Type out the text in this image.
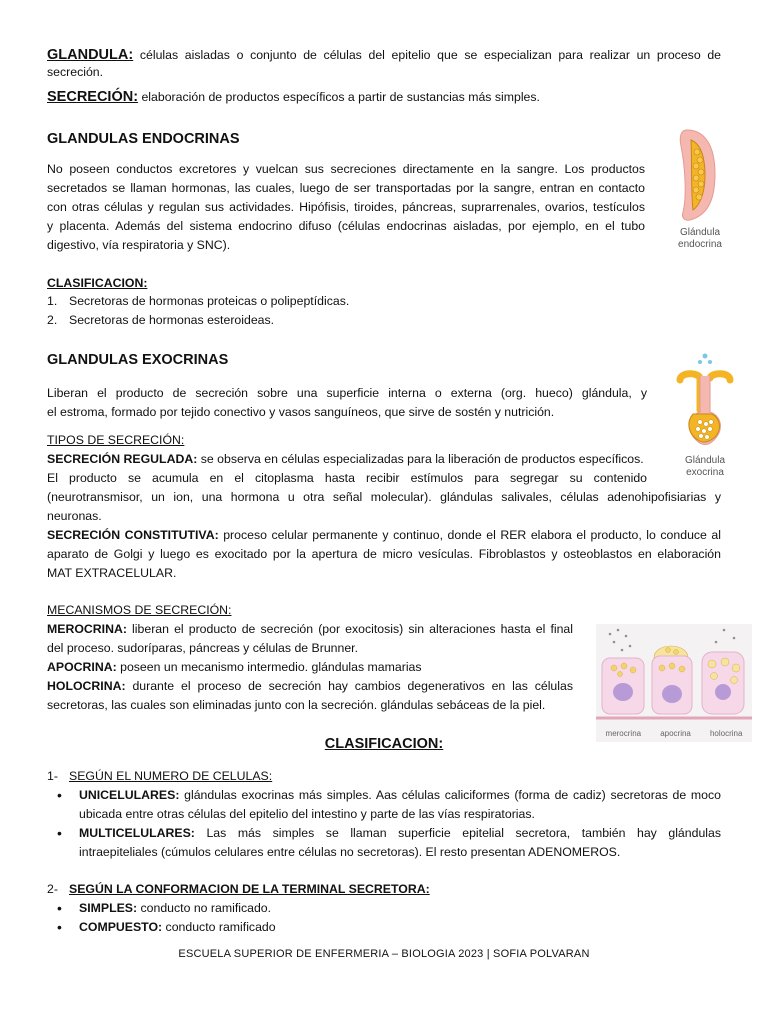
GLANDULA: células aisladas o conjunto de células del epitelio que se especializan para realizar un proceso de
secreción.
SECRECIÓN: elaboración de productos específicos a partir de sustancias más simples.
GLANDULAS ENDOCRINAS
No poseen conductos excretores y vuelcan sus secreciones directamente en la sangre. Los productos
secretados se llaman hormonas, las cuales, luego de ser transportadas por la sangre, entran en contacto
con otras células y regulan sus actividades. Hipófisis, tiroides, páncreas, suprarrenales, ovarios, testículos
y placenta. Además del sistema endocrino difuso (células endocrinas aisladas, por ejemplo, en el tubo
digestivo, vía respiratoria y SNC).
CLASIFICACION:
1. Secretoras de hormonas proteicas o polipeptídicas.
2. Secretoras de hormonas esteroideas.
Glándula
endocrina
GLANDULAS EXOCRINAS
Liberan el producto de secreción sobre una superficie interna o externa (org. hueco) glándula, y
el estroma, formado por tejido conectivo y vasos sanguíneos, que sirve de sostén y nutrición.
Glándula
exocrina
TIPOS DE SECRECIÓN:
SECRECIÓN REGULADA: se observa en células especializadas para la liberación de productos específicos.
El producto se acumula en el citoplasma hasta recibir estímulos para segregar su contenido
(neurotransmisor, un ion, una hormona u otra señal molecular). glándulas salivales, células adenohipofisiarias y
neuronas.
SECRECIÓN CONSTITUTIVA: proceso celular permanente y continuo, donde el RER elabora el producto, lo conduce al
aparato de Golgi y luego es exocitado por la apertura de micro vesículas. Fibroblastos y osteoblastos en elaboración
MAT EXTRACELULAR.
MECANISMOS DE SECRECIÓN:
MEROCRINA: liberan el producto de secreción (por exocitosis) sin alteraciones hasta el final
del proceso. sudoríparas, páncreas y células de Brunner.
APOCRINA: poseen un mecanismo intermedio. glándulas mamarias
HOLOCRINA: durante el proceso de secreción hay cambios degenerativos en las células
secretoras, las cuales son eliminadas junto con la secreción. glándulas sebáceas de la piel.
merocrina apocrina holocrina
CLASIFICACION:
1- SEGÚN EL NUMERO DE CELULAS:
• UNICELULARES: glándulas exocrinas más simples. Aas células caliciformes (forma de cadiz) secretoras de moco
ubicada entre otras células del epitelio del intestino y parte de las vías respiratorias.
• MULTICELULARES: Las más simples se llaman superficie epitelial secretora, también hay glándulas
intraepiteliales (cúmulos celulares entre células no secretoras). El resto presentan ADENOMEROS.
2- SEGÚN LA CONFORMACION DE LA TERMINAL SECRETORA:
• SIMPLES: conducto no ramificado.
• COMPUESTO: conducto ramificado
ESCUELA SUPERIOR DE ENFERMERIA – BIOLOGIA 2023 | SOFIA POLVARAN
